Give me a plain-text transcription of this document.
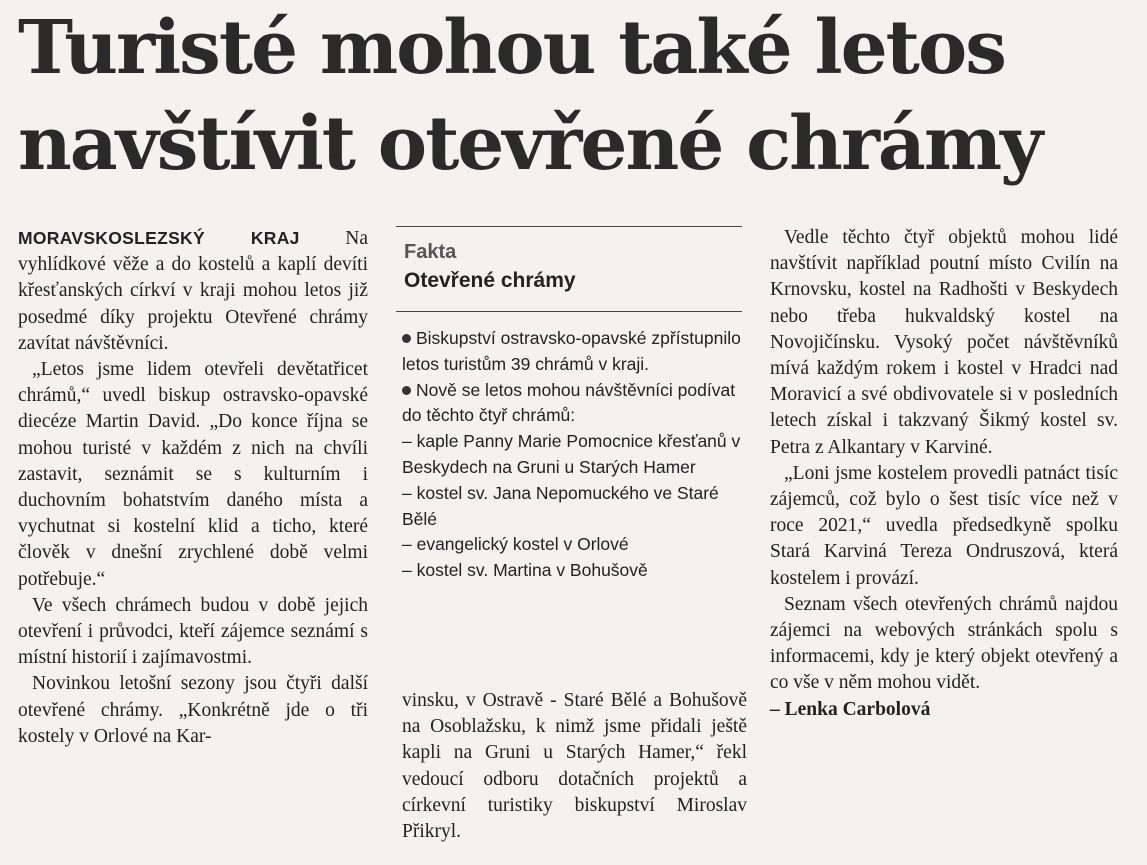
Turisté mohou také letos
navštívit otevřené chrámy

MORAVSKOSLEZSKÝ KRAJ Na vyhlídkové věže a do kostelů a kaplí devíti křesťanských církví v kraji mohou letos již posedmé díky projektu Otevřené chrámy zavítat návštěvníci.

„Letos jsme lidem otevřeli devětatřicet chrámů,“ uvedl biskup ostravsko-opavské diecéze Martin David. „Do konce října se mohou turisté v každém z nich na chvíli zastavit, seznámit se s kulturním i duchovním bohatstvím daného místa a vychutnat si kostelní klid a ticho, které člověk v dnešní zrychlené době velmi potřebuje.“

Ve všech chrámech budou v době jejich otevření i průvodci, kteří zájemce seznámí s místní historií i zajímavostmi.

Novinkou letošní sezony jsou čtyři další otevřené chrámy. „Konkrétně jde o tři kostely v Orlové na Kar-

Fakta
Otevřené chrámy

Biskupství ostravsko-opavské zpřístupnilo letos turistům 39 chrámů v kraji.

Nově se letos mohou návštěvníci podívat do těchto čtyř chrámů:

– kaple Panny Marie Pomocnice křesťanů v Beskydech na Gruni u Starých Hamer

– kostel sv. Jana Nepomuckého ve Staré Bělé

– evangelický kostel v Orlové

– kostel sv. Martina v Bohušově

vinsku, v Ostravě - Staré Bělé a Bohušově na Osoblažsku, k nimž jsme přidali ještě kapli na Gruni u Starých Hamer,“ řekl vedoucí odboru dotačních projektů a církevní turistiky biskupství Miroslav Přikryl.

Vedle těchto čtyř objektů mohou lidé navštívit například poutní místo Cvilín na Krnovsku, kostel na Radhošti v Beskydech nebo třeba hukvaldský kostel na Novojičínsku. Vysoký počet návštěvníků mívá každým rokem i kostel v Hradci nad Moravicí a své obdivovatele si v posledních letech získal i takzvaný Šikmý kostel sv. Petra z Alkantary v Karviné.

„Loni jsme kostelem provedli patnáct tisíc zájemců, což bylo o šest tisíc více než v roce 2021,“ uvedla předsedkyně spolku Stará Karviná Tereza Ondruszová, která kostelem i provází.

Seznam všech otevřených chrámů najdou zájemci na webových stránkách spolu s informacemi, kdy je který objekt otevřený a co vše v něm mohou vidět.

– Lenka Carbolová
